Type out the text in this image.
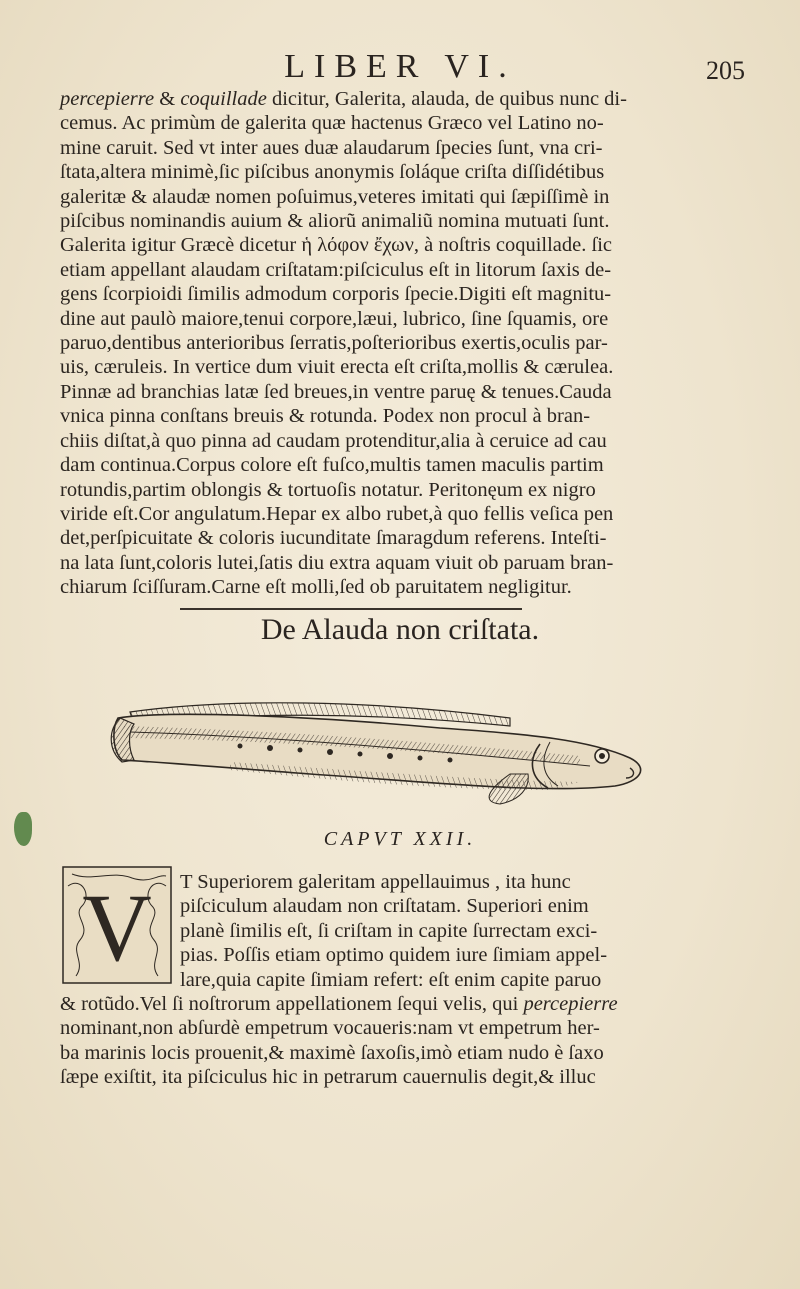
LIBER VI.	205

percepierre & coquillade dicitur, Galerita, alauda, de quibus nunc di-

cemus. Ac primùm de galerita quæ hactenus Græco vel Latino no-

mine caruit. Sed vt inter aues duæ alaudarum ſpecies ſunt, vna cri-

ſtata,altera minimè,ſic piſcibus anonymis ſoláque criſta diſſidétibus

galeritæ & alaudæ nomen poſuimus,veteres imitati qui ſæpiſſimè in

piſcibus nominandis auium & aliorũ animaliũ nomina mutuati ſunt.

Galerita igitur Græcè dicetur ἡ λόφον ἔχων, à noſtris coquillade. ſic

etiam appellant alaudam criſtatam:piſciculus eſt in litorum ſaxis de-

gens ſcorpioidi ſimilis admodum corporis ſpecie.Digiti eſt magnitu-

dine aut paulò maiore,tenui corpore,læui, lubrico, ſine ſquamis, ore

paruo,dentibus anterioribus ſerratis,poſterioribus exertis,oculis par-

uis, cæruleis. In vertice dum viuit erecta eſt criſta,mollis & cærulea.

Pinnæ ad branchias latæ ſed breues,in ventre paruę & tenues.Cauda

vnica pinna conſtans breuis & rotunda. Podex non procul à bran-

chiis diſtat,à quo pinna ad caudam protenditur,alia à ceruice ad cau

dam continua.Corpus colore eſt fuſco,multis tamen maculis partim

rotundis,partim oblongis & tortuoſis notatur. Peritonęum ex nigro

viride eſt.Cor angulatum.Hepar ex albo rubet,à quo fellis veſica pen

det,perſpicuitate & coloris iucunditate ſmaragdum referens. Inteſti-

na lata ſunt,coloris lutei,ſatis diu extra aquam viuit ob paruam bran-

chiarum ſciſſuram.Carne eſt molli,ſed ob paruitatem negligitur.

De Alauda non criſtata.
CAPVT XXII.
V	T Superiorem galeritam appellauimus , ita hunc

piſciculum alaudam non criſtatam. Superiori enim

planè ſimilis eſt, ſi criſtam in capite ſurrectam exci-

pias. Poſſis etiam optimo quidem iure ſimiam appel-

lare,quia capite ſimiam refert: eſt enim capite paruo

& rotũdo.Vel ſi noſtrorum appellationem ſequi velis, qui percepierre

nominant,non abſurdè empetrum vocaueris:nam vt empetrum her-

ba marinis locis prouenit,& maximè ſaxoſis,imò etiam nudo è ſaxo

ſæpe exiſtit, ita piſciculus hic in petrarum cauernulis degit,& illuc
